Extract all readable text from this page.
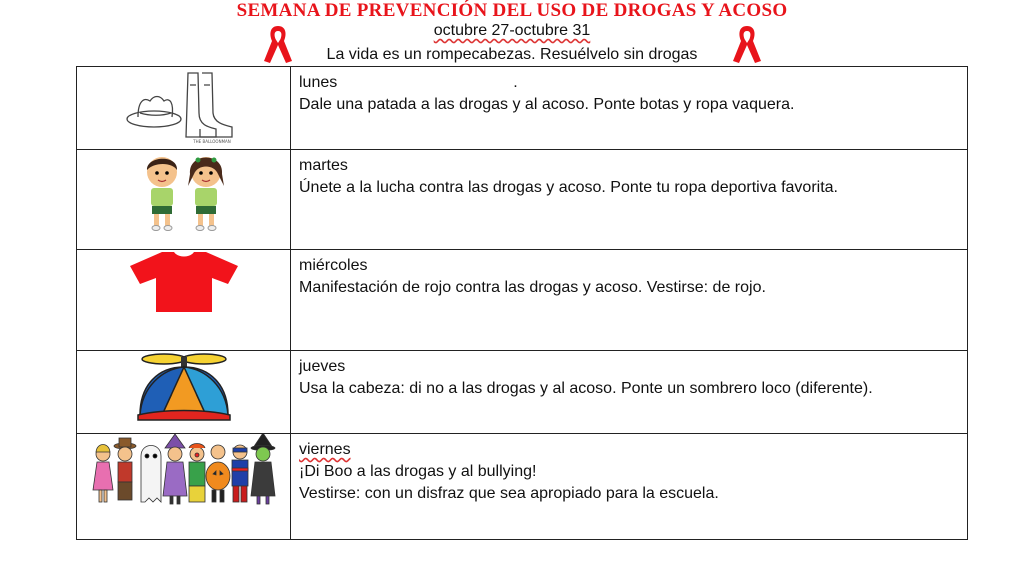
SEMANA DE PREVENCIÓN DEL USO DE DROGAS Y ACOSO
octubre 27-octubre 31
La vida es un rompecabezas. Resuélvelo sin drogas
THE BALLOONMAN	lunes .
Dale una patada a las drogas y al acoso. Ponte botas y ropa vaquera.

martes
Únete a la lucha contra las drogas y acoso. Ponte tu ropa deportiva favorita.

miércoles
Manifestación de rojo contra las drogas y acoso. Vestirse: de rojo.

jueves
Usa la cabeza: di no a las drogas y al acoso. Ponte un sombrero loco (diferente).

viernes
¡Di Boo a las drogas y al bullying!
Vestirse: con un disfraz que sea apropiado para la escuela.
